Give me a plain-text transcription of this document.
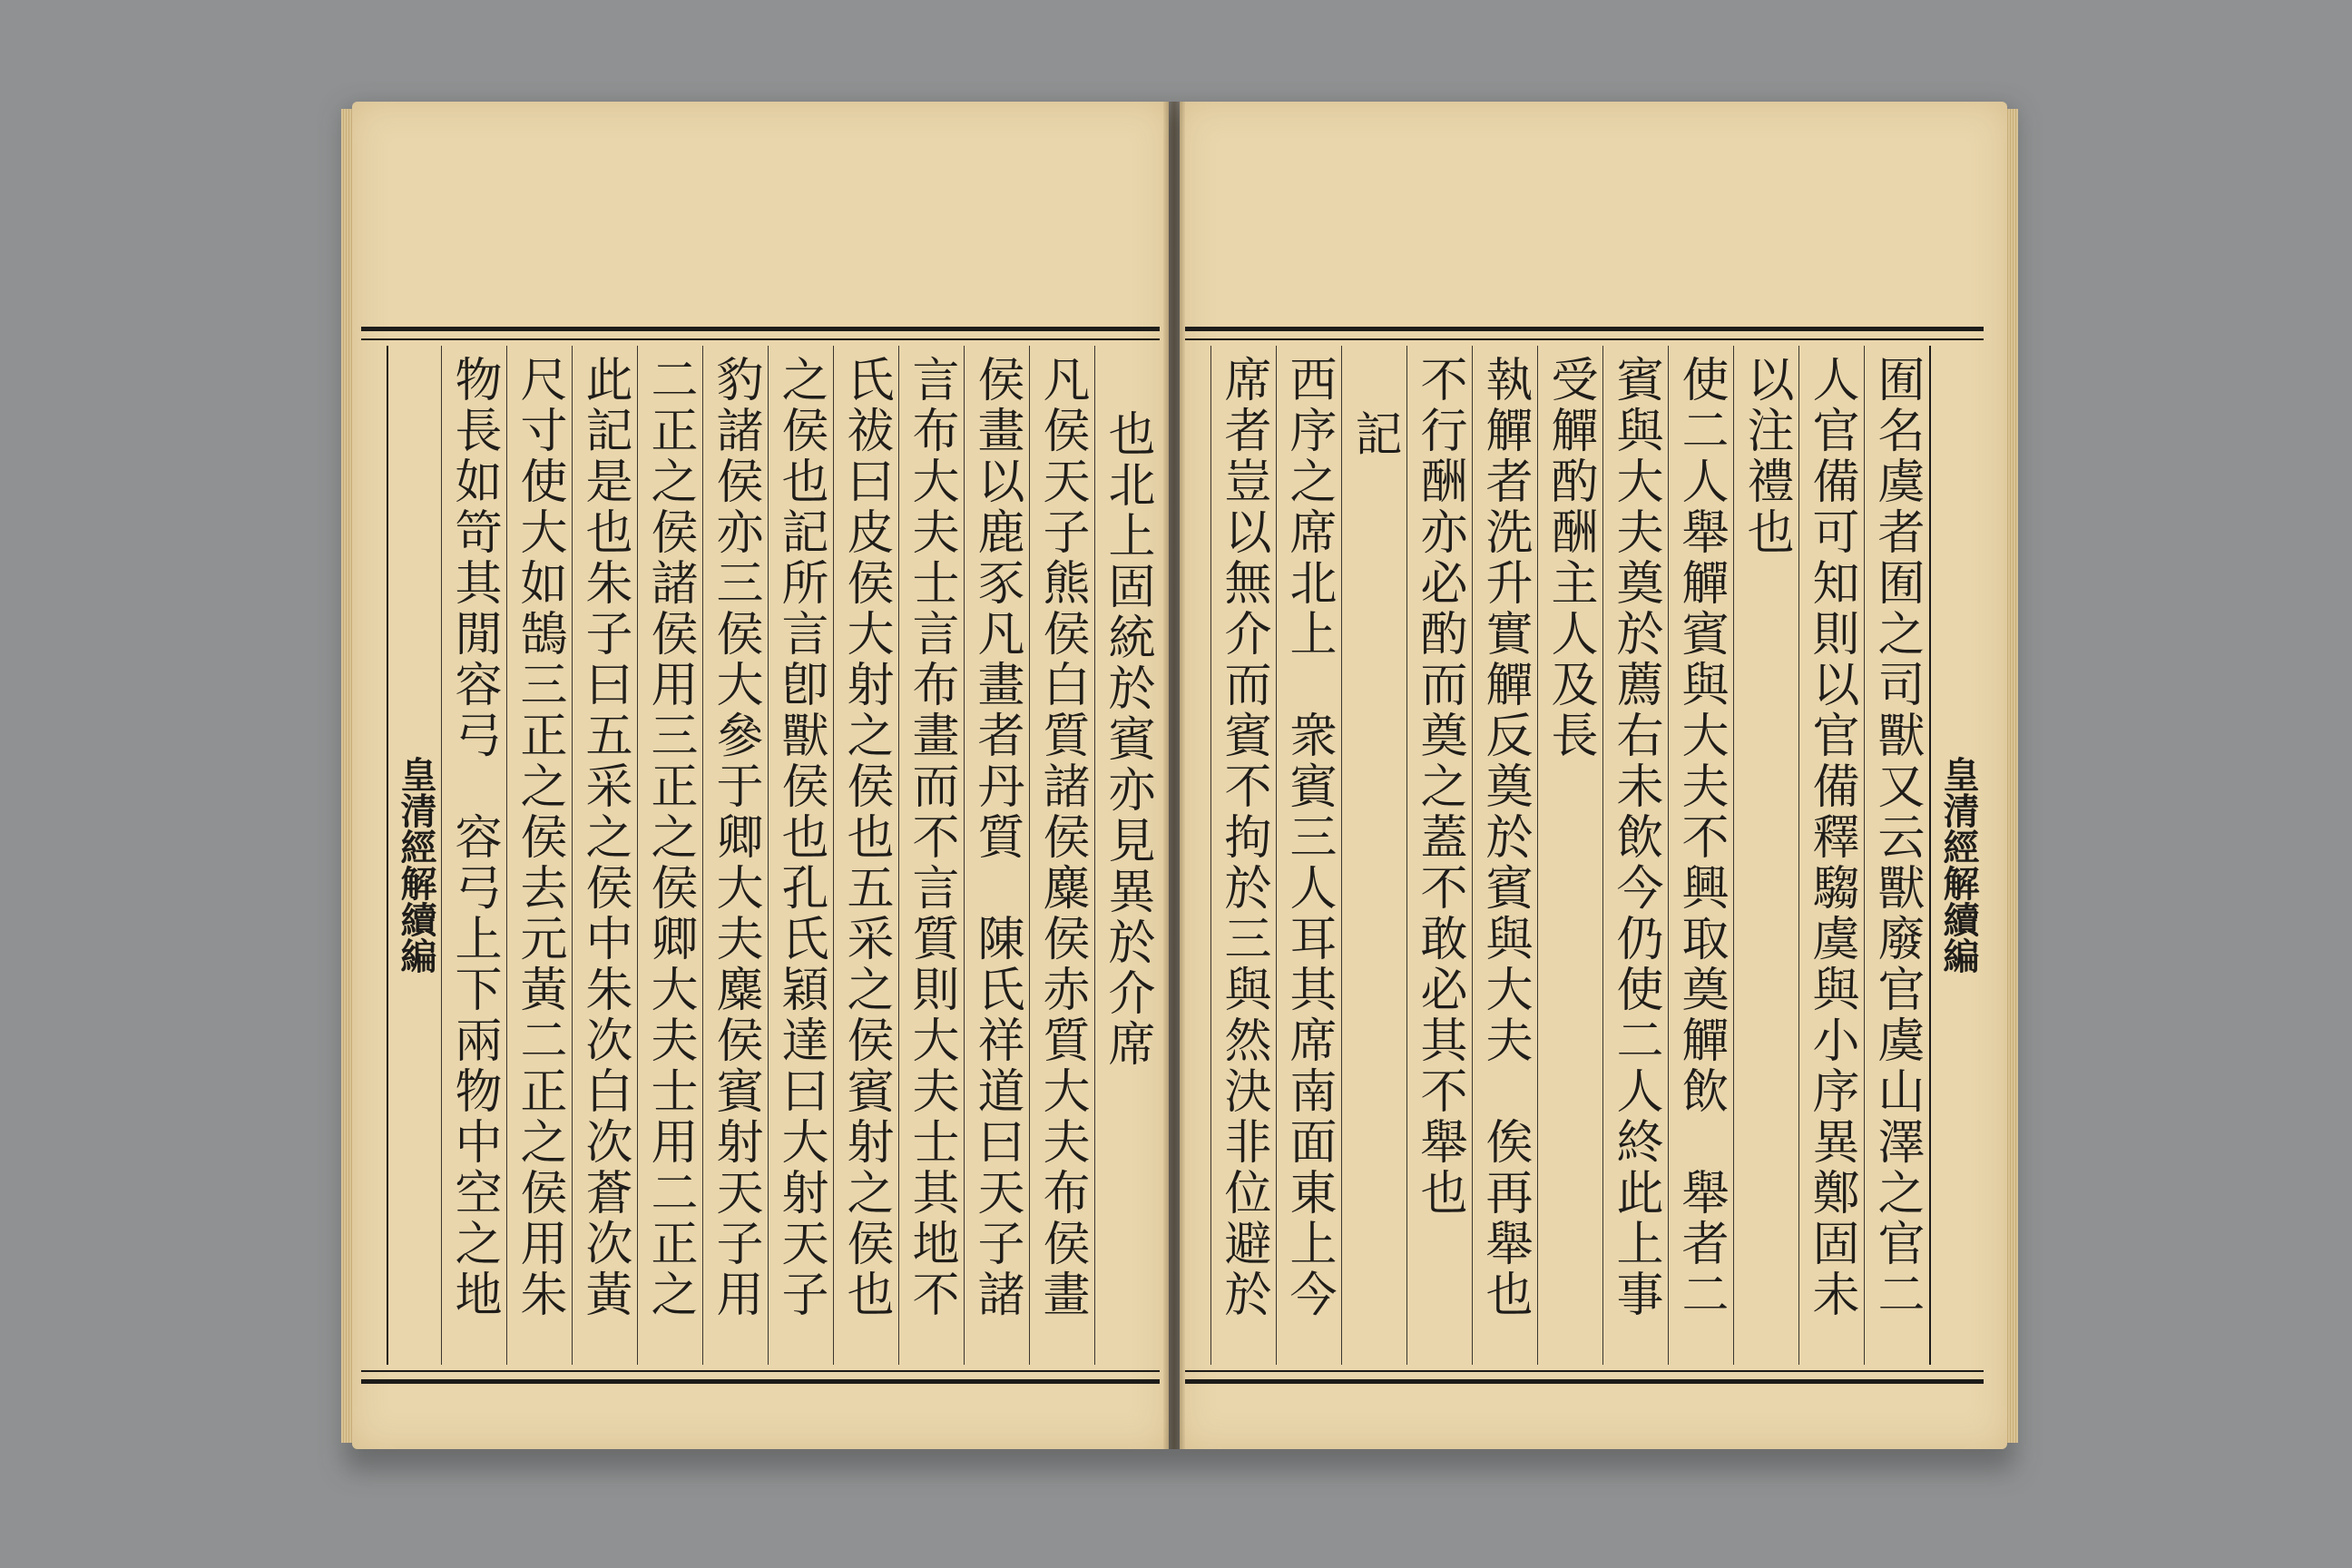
也北上固統於賓亦見異於介席
凡侯天子熊侯白質諸侯麋侯赤質大夫布侯畫
侯畫以鹿豕凡畫者丹質　陳氏祥道曰天子諸
言布大夫士言布畫而不言質則大夫士其地不
氏祓曰皮侯大射之侯也五采之侯賓射之侯也
之侯也記所言卽獸侯也孔氏穎達曰大射天子
豹諸侯亦三侯大參于卿大夫麋侯賓射天子用
二正之侯諸侯用三正之侯卿大夫士用二正之
此記是也朱子曰五采之侯中朱次白次蒼次黃
尺寸使大如鵠三正之侯去元黃二正之侯用朱
物長如笴其閒容弓　容弓上下兩物中空之地
皇清經解續編	皇清經解續編
囿名虞者囿之司獸又云獸廢官虞山澤之官二
人官備可知則以官備釋騶虞與小序異鄭固未
以注禮也
使二人舉觶賓與大夫不興取奠觶飲　舉者二
賓與大夫奠於薦右未飲今仍使二人終此上事
受觶酌酬主人及長
執觶者洗升實觶反奠於賓與大夫　俟再舉也
不行酬亦必酌而奠之蓋不敢必其不舉也
記
西序之席北上　衆賓三人耳其席南面東上今
席者豈以無介而賓不拘於三與然決非位避於
